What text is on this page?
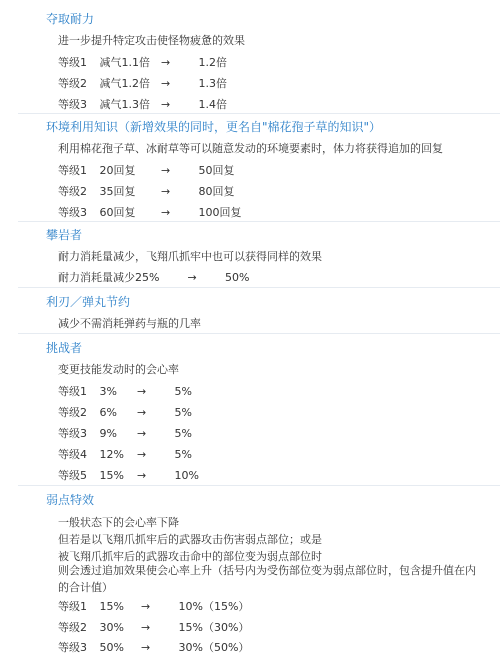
夺取耐力
进一步提升特定攻击使怪物疲惫的效果
等级1 减气1.1倍 →	1.2倍
等级2 减气1.2倍 →	1.3倍
等级3 减气1.3倍 →	1.4倍
环境利用知识（新增效果的同时，更名自"棉花孢子草的知识"）
利用棉花孢子草、冰耐草等可以随意发动的环境要素时，体力将获得追加的回复
等级1 20回复 →	50回复
等级2 35回复 →	80回复
等级3 60回复 →	100回复
攀岩者
耐力消耗量减少，飞翔爪抓牢中也可以获得同样的效果
耐力消耗量减少25%	→	50%
利刃／弹丸节约
减少不需消耗弹药与瓶的几率
挑战者
变更技能发动时的会心率
等级1 3% →	5%
等级2 6% →	5%
等级3 9% →	5%
等级4 12% →	5%
等级5 15% →	10%
弱点特效
一般状态下的会心率下降
但若是以飞翔爪抓牢后的武器攻击伤害弱点部位；或是
被飞翔爪抓牢后的武器攻击命中的部位变为弱点部位时
则会透过追加效果使会心率上升（括号内为受伤部位变为弱点部位时，包含提升值在内的合计值）
等级1 15% →	10%（15%）
等级2 30% →	15%（30%）
等级3 50% →	30%（50%）
